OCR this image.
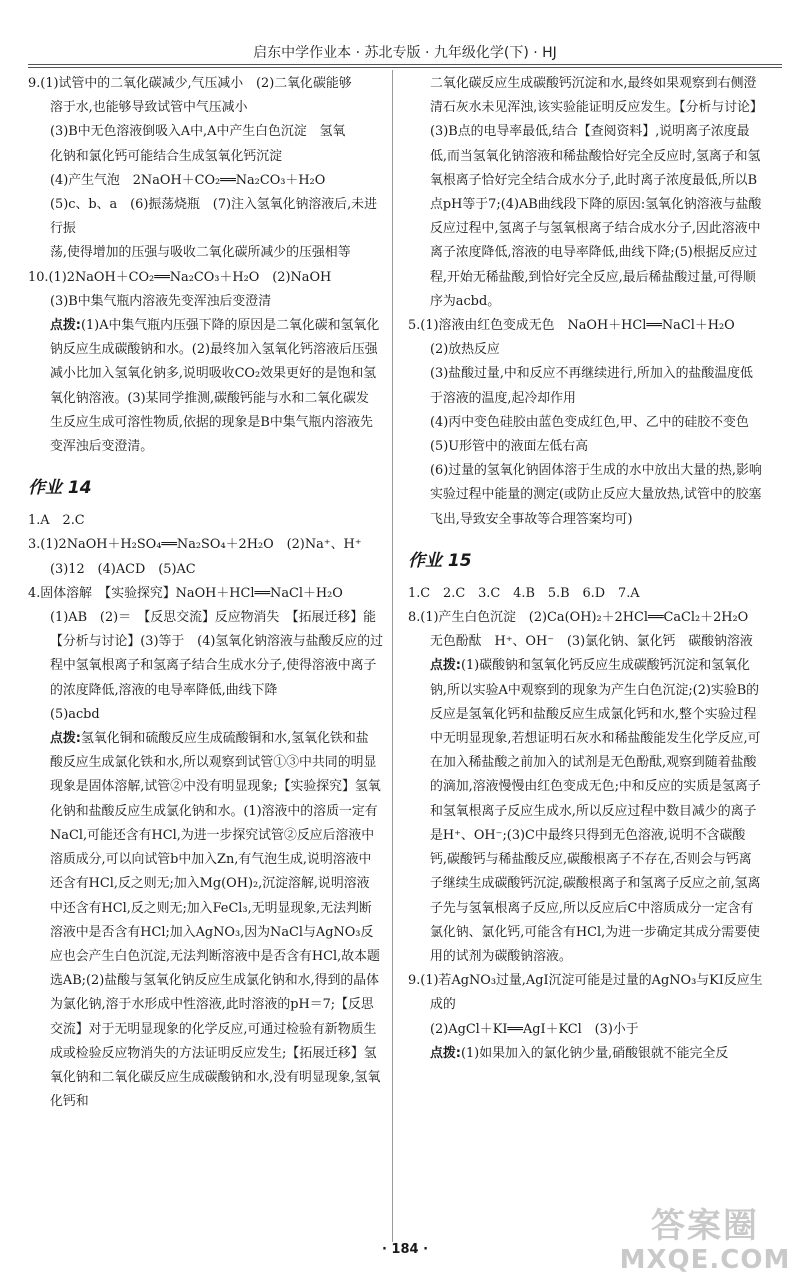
启东中学作业本 · 苏北专版 · 九年级化学(下) · HJ

9.(1)试管中的二氧化碳减少,气压减小　(2)二氧化碳能够

溶于水,也能够导致试管中气压减小

(3)B中无色溶液倒吸入A中,A中产生白色沉淀　氢氧

化钠和氯化钙可能结合生成氢氧化钙沉淀

(4)产生气泡　2NaOH＋CO₂══Na₂CO₃＋H₂O

(5)c、b、a　(6)振荡烧瓶　(7)注入氢氧化钠溶液后,未进行振

荡,使得增加的压强与吸收二氧化碳所减少的压强相等

10.(1)2NaOH＋CO₂══Na₂CO₃＋H₂O　(2)NaOH

(3)B中集气瓶内溶液先变浑浊后变澄清

点拨:(1)A中集气瓶内压强下降的原因是二氧化碳和氢氧化钠反应生成碳酸钠和水。(2)最终加入氢氧化钙溶液后压强减小比加入氢氧化钠多,说明吸收CO₂效果更好的是饱和氢氧化钠溶液。(3)某同学推测,碳酸钙能与水和二氧化碳发生反应生成可溶性物质,依据的现象是B中集气瓶内溶液先变浑浊后变澄清。

作业 14

1.A　2.C

3.(1)2NaOH＋H₂SO₄══Na₂SO₄＋2H₂O　(2)Na⁺、H⁺

(3)12　(4)ACD　(5)AC

4.固体溶解　【实验探究】NaOH＋HCl══NaCl＋H₂O

(1)AB　(2)＝　【反思交流】反应物消失　【拓展迁移】能

【分析与讨论】(3)等于　(4)氢氧化钠溶液与盐酸反应的过程中氢氧根离子和氢离子结合生成水分子,使得溶液中离子的浓度降低,溶液的电导率降低,曲线下降

(5)acbd

点拨:氢氧化铜和硫酸反应生成硫酸铜和水,氢氧化铁和盐酸反应生成氯化铁和水,所以观察到试管①③中共同的明显现象是固体溶解,试管②中没有明显现象;【实验探究】氢氧化钠和盐酸反应生成氯化钠和水。(1)溶液中的溶质一定有NaCl,可能还含有HCl,为进一步探究试管②反应后溶液中溶质成分,可以向试管b中加入Zn,有气泡生成,说明溶液中还含有HCl,反之则无;加入Mg(OH)₂,沉淀溶解,说明溶液中还含有HCl,反之则无;加入FeCl₃,无明显现象,无法判断溶液中是否含有HCl;加入AgNO₃,因为NaCl与AgNO₃反应也会产生白色沉淀,无法判断溶液中是否含有HCl,故本题选AB;(2)盐酸与氢氧化钠反应生成氯化钠和水,得到的晶体为氯化钠,溶于水形成中性溶液,此时溶液的pH＝7;【反思交流】对于无明显现象的化学反应,可通过检验有新物质生成或检验反应物消失的方法证明反应发生;【拓展迁移】氢氧化钠和二氧化碳反应生成碳酸钠和水,没有明显现象,氢氧化钙和

二氧化碳反应生成碳酸钙沉淀和水,最终如果观察到右侧澄清石灰水未见浑浊,该实验能证明反应发生。【分析与讨论】(3)B点的电导率最低,结合【查阅资料】,说明离子浓度最低,而当氢氧化钠溶液和稀盐酸恰好完全反应时,氢离子和氢氧根离子恰好完全结合成水分子,此时离子浓度最低,所以B点pH等于7;(4)AB曲线段下降的原因:氢氧化钠溶液与盐酸反应过程中,氢离子与氢氧根离子结合成水分子,因此溶液中离子浓度降低,溶液的电导率降低,曲线下降;(5)根据反应过程,开始无稀盐酸,到恰好完全反应,最后稀盐酸过量,可得顺序为acbd。

5.(1)溶液由红色变成无色　NaOH＋HCl══NaCl＋H₂O

(2)放热反应

(3)盐酸过量,中和反应不再继续进行,所加入的盐酸温度低于溶液的温度,起冷却作用

(4)丙中变色硅胶由蓝色变成红色,甲、乙中的硅胶不变色

(5)U形管中的液面左低右高

(6)过量的氢氧化钠固体溶于生成的水中放出大量的热,影响实验过程中能量的测定(或防止反应大量放热,试管中的胶塞飞出,导致安全事故等合理答案均可)

作业 15

1.C　2.C　3.C　4.B　5.B　6.D　7.A

8.(1)产生白色沉淀　(2)Ca(OH)₂＋2HCl══CaCl₂＋2H₂O

无色酚酞　H⁺、OH⁻　(3)氯化钠、氯化钙　碳酸钠溶液

点拨:(1)碳酸钠和氢氧化钙反应生成碳酸钙沉淀和氢氧化钠,所以实验A中观察到的现象为产生白色沉淀;(2)实验B的反应是氢氧化钙和盐酸反应生成氯化钙和水,整个实验过程中无明显现象,若想证明石灰水和稀盐酸能发生化学反应,可在加入稀盐酸之前加入的试剂是无色酚酞,观察到随着盐酸的滴加,溶液慢慢由红色变成无色;中和反应的实质是氢离子和氢氧根离子反应生成水,所以反应过程中数目减少的离子是H⁺、OH⁻;(3)C中最终只得到无色溶液,说明不含碳酸钙,碳酸钙与稀盐酸反应,碳酸根离子不存在,否则会与钙离子继续生成碳酸钙沉淀,碳酸根离子和氢离子反应之前,氢离子先与氢氧根离子反应,所以反应后C中溶质成分一定含有氯化钠、氯化钙,可能含有HCl,为进一步确定其成分需要使用的试剂为碳酸钠溶液。

9.(1)若AgNO₃过量,AgI沉淀可能是过量的AgNO₃与KI反应生成的

(2)AgCl＋KI══AgI＋KCl　(3)小于

点拨:(1)如果加入的氯化钠少量,硝酸银就不能完全反

· 184 ·
答案圈
MXQE.COM
